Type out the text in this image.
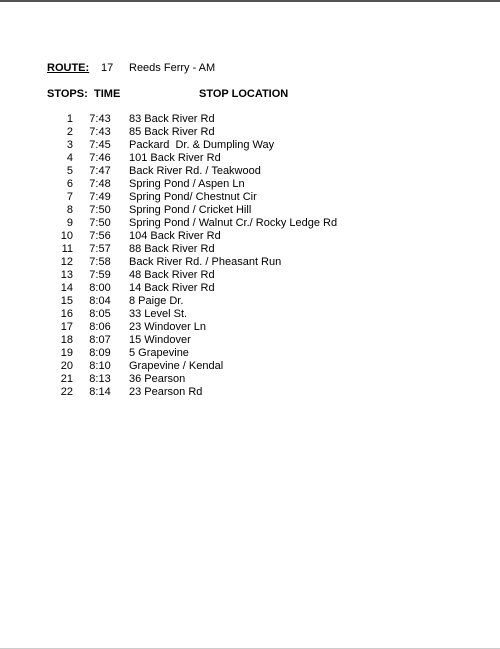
ROUTE: 17 Reeds Ferry - AM
STOPS: TIME	STOP LOCATION
1	7:43	83 Back River Rd
2	7:43	85 Back River Rd
3	7:45	Packard  Dr. & Dumpling Way
4	7:46	101 Back River Rd
5	7:47	Back River Rd. / Teakwood
6	7:48	Spring Pond / Aspen Ln
7	7:49	Spring Pond/ Chestnut Cir
8	7:50	Spring Pond / Cricket Hill
9	7:50	Spring Pond / Walnut Cr./ Rocky Ledge Rd
10	7:56	104 Back River Rd
11	7:57	88 Back River Rd
12	7:58	Back River Rd. / Pheasant Run
13	7:59	48 Back River Rd
14	8:00	14 Back River Rd
15	8:04	8 Paige Dr.
16	8:05	33 Level St.
17	8:06	23 Windover Ln
18	8:07	15 Windover
19	8:09	5 Grapevine
20	8:10	Grapevine / Kendal
21	8:13	36 Pearson
22	8:14	23 Pearson Rd
